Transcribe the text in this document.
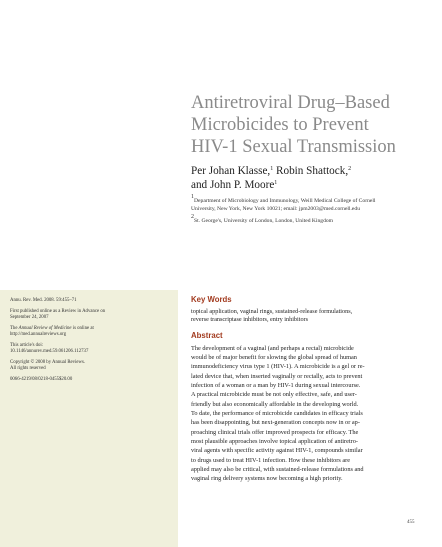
Antiretroviral Drug–Based
Microbicides to Prevent
HIV-1 Sexual Transmission
Per Johan Klasse,$^1$ Robin Shattock,$^2$
and John P. Moore$^1$

$^1$Department of Microbiology and Immunology, Weill Medical College of Cornell
University, New York, New York 10021; email: jpm2003@med.cornell.edu

$^2$St. George's, University of London, London, United Kingdom

Annu. Rev. Med. 2008. 59:455–71

First published online as a Review in Advance on
September 24, 2007

The Annual Review of Medicine is online at
http://med.annualreviews.org

This article's doi:
10.1146/annurev.med.59.061206.112737

Copyright © 2008 by Annual Reviews.
All rights reserved

0066-4219/08/0218-0455$20.00

Key Words
topical application, vaginal rings, sustained-release formulations,
reverse transcriptase inhibitors, entry inhibitors
Abstract
The development of a vaginal (and perhaps a rectal) microbicide
would be of major benefit for slowing the global spread of human
immunodeficiency virus type 1 (HIV-1). A microbicide is a gel or re-
lated device that, when inserted vaginally or rectally, acts to prevent
infection of a woman or a man by HIV-1 during sexual intercourse.
A practical microbicide must be not only effective, safe, and user-
friendly but also economically affordable in the developing world.
To date, the performance of microbicide candidates in efficacy trials
has been disappointing, but next-generation concepts now in or ap-
proaching clinical trials offer improved prospects for efficacy. The
most plausible approaches involve topical application of antiretro-
viral agents with specific activity against HIV-1, compounds similar
to drugs used to treat HIV-1 infection. How these inhibitors are
applied may also be critical, with sustained-release formulations and
vaginal ring delivery systems now becoming a high priority.
455
